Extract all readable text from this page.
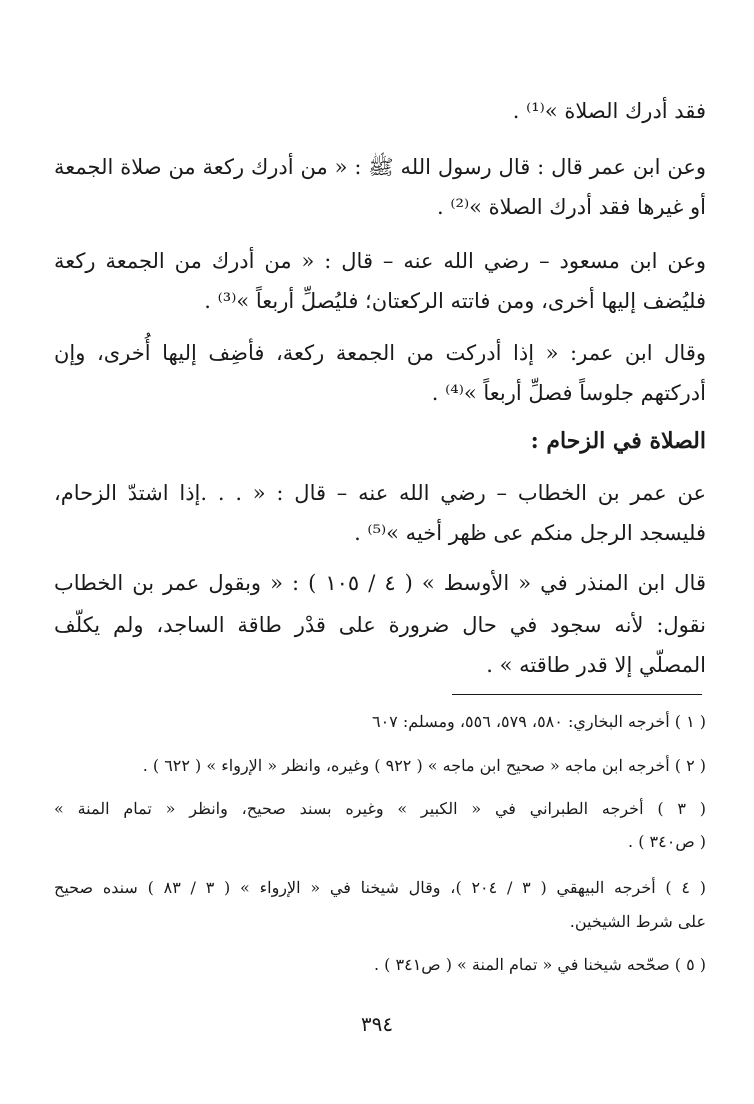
فقد أدرك الصلاة »⁽¹⁾ .
وعن ابن عمر قال : قال رسول الله ﷺ : « من أدرك ركعة من صلاة الجمعة
أو غيرها فقد أدرك الصلاة »⁽²⁾ .
وعن ابن مسعود – رضي الله عنه – قال : « من أدرك من الجمعة ركعة
فليُضف إليها أخرى، ومن فاتته الركعتان؛ فليُصلِّ أربعاً »⁽³⁾ .
وقال ابن عمر: « إذا أدركت من الجمعة ركعة، فأضِف إليها أُخرى، وإن
أدركتهم جلوساً فصلِّ أربعاً »⁽⁴⁾ .
الصلاة في الزحام :
عن عمر بن الخطاب – رضي الله عنه – قال : « . . .إذا اشتدّ الزحام،
فليسجد الرجل منكم عى ظهر أخيه »⁽⁵⁾ .
قال ابن المنذر في « الأوسط » ( ٤ / ١٠٥ ) : « وبقول عمر بن الخطاب
نقول: لأنه سجود في حال ضرورة على قدْر طاقة الساجد، ولم يكلّف
المصلّي إلا قدر طاقته » .
( ١ ) أخرجه البخاري: ٥٨٠، ٥٧٩، ٥٥٦، ومسلم: ٦٠٧
( ٢ ) أخرجه ابن ماجه « صحيح ابن ماجه » ( ٩٢٢ ) وغيره، وانظر « الإرواء » ( ٦٢٢ ) .
( ٣ ) أخرجه الطبراني في « الكبير » وغيره بسند صحيح، وانظر « تمام المنة »
( ص٣٤٠ ) .
( ٤ ) أخرجه البيهقي ( ٣ / ٢٠٤ )، وقال شيخنا في « الإرواء » ( ٣ / ٨٣ ) سنده صحيح
على شرط الشيخين.
( ٥ ) صحّحه شيخنا في « تمام المنة » ( ص٣٤١ ) .
٣٩٤
